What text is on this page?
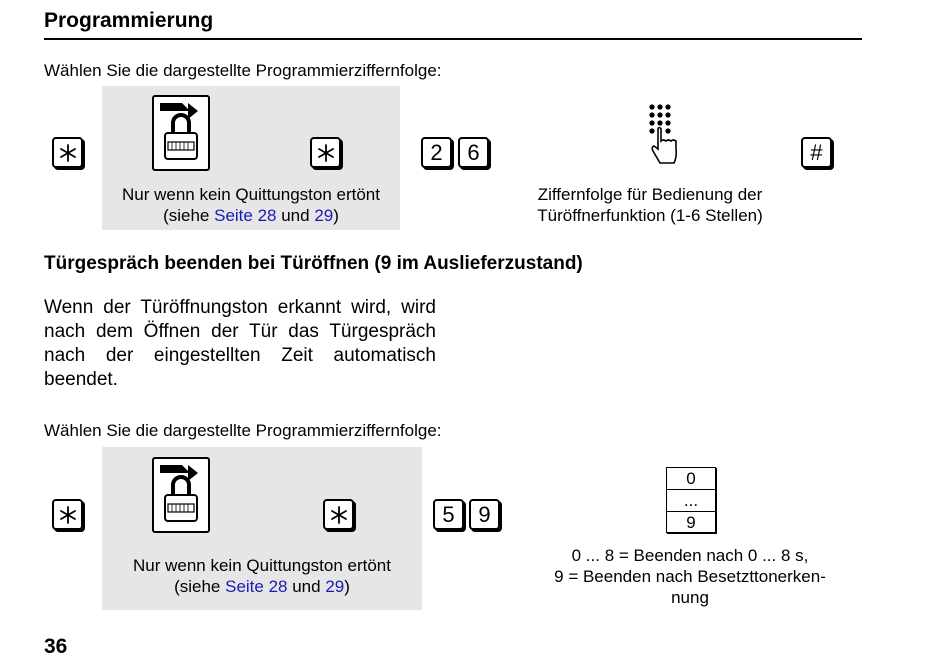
Programmierung
Wählen Sie die dargestellte Programmierziffernfolge:
Nur wenn kein Quittungston ertönt
(siehe Seite 28 und 29)
2	6	#
Ziffernfolge für Bedienung der
Türöffnerfunktion (1-6 Stellen)
Türgespräch beenden bei Türöffnen (9 im Auslieferzustand)
Wenn der Türöffnungston erkannt wird, wird nach dem Öffnen der Tür das Türgespräch nach der eingestellten Zeit automatisch beendet.
Wählen Sie die dargestellte Programmierziffernfolge:
Nur wenn kein Quittungston ertönt
(siehe Seite 28 und 29)
5	9
0
...
9
0 ... 8 = Beenden nach 0 ... 8 s,
9 = Beenden nach Besetzttonerken-
nung
36
